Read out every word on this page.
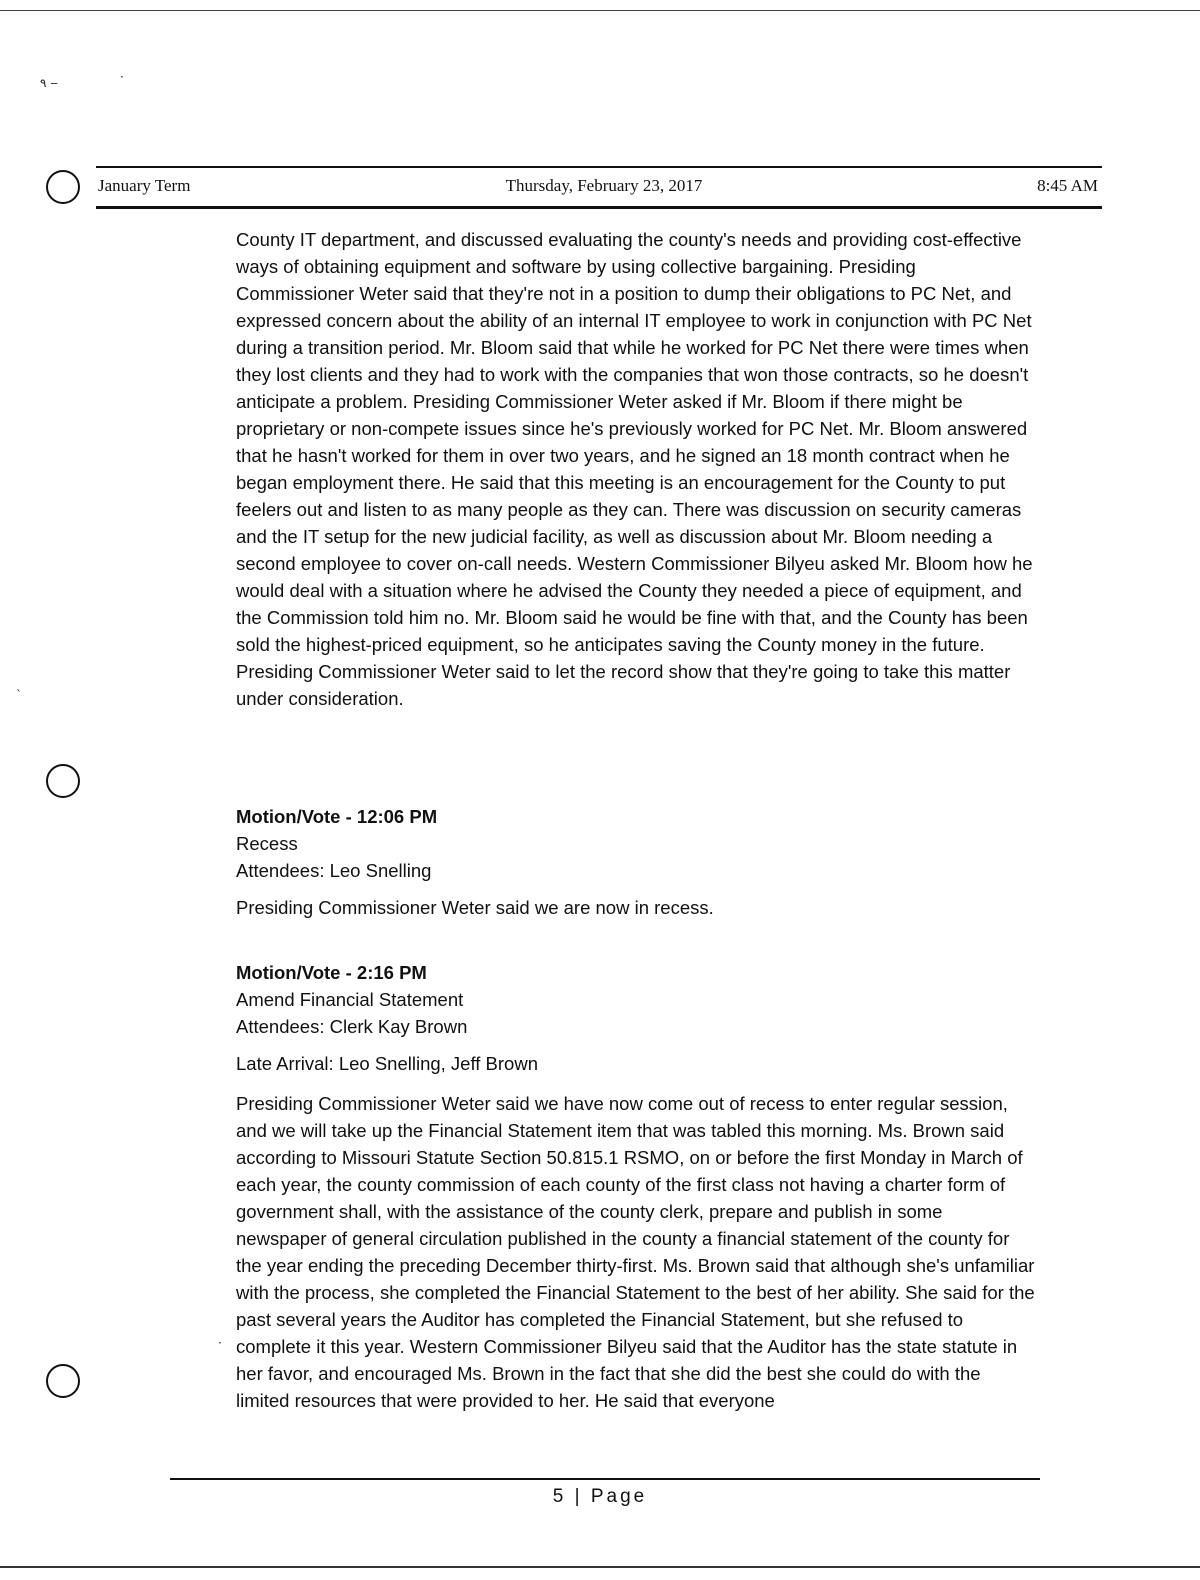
٩ ‒	·
`
·
January Term	Thursday, February 23, 2017	8:45 AM

County IT department, and discussed evaluating the county's needs and providing cost-effective ways of obtaining equipment and software by using collective bargaining. Presiding Commissioner Weter said that they're not in a position to dump their obligations to PC Net, and expressed concern about the ability of an internal IT employee to work in conjunction with PC Net during a transition period. Mr. Bloom said that while he worked for PC Net there were times when they lost clients and they had to work with the companies that won those contracts, so he doesn't anticipate a problem. Presiding Commissioner Weter asked if Mr. Bloom if there might be proprietary or non-compete issues since he's previously worked for PC Net. Mr. Bloom answered that he hasn't worked for them in over two years, and he signed an 18 month contract when he began employment there. He said that this meeting is an encouragement for the County to put feelers out and listen to as many people as they can. There was discussion on security cameras and the IT setup for the new judicial facility, as well as discussion about Mr. Bloom needing a second employee to cover on-call needs. Western Commissioner Bilyeu asked Mr. Bloom how he would deal with a situation where he advised the County they needed a piece of equipment, and the Commission told him no. Mr. Bloom said he would be fine with that, and the County has been sold the highest-priced equipment, so he anticipates saving the County money in the future. Presiding Commissioner Weter said to let the record show that they're going to take this matter under consideration.

Motion/Vote - 12:06 PM
Recess
Attendees: Leo Snelling
Presiding Commissioner Weter said we are now in recess.
Motion/Vote - 2:16 PM
Amend Financial Statement
Attendees: Clerk Kay Brown
Late Arrival: Leo Snelling, Jeff Brown

Presiding Commissioner Weter said we have now come out of recess to enter regular session, and we will take up the Financial Statement item that was tabled this morning. Ms. Brown said according to Missouri Statute Section 50.815.1 RSMO, on or before the first Monday in March of each year, the county commission of each county of the first class not having a charter form of government shall, with the assistance of the county clerk, prepare and publish in some newspaper of general circulation published in the county a financial statement of the county for the year ending the preceding December thirty-first. Ms. Brown said that although she's unfamiliar with the process, she completed the Financial Statement to the best of her ability. She said for the past several years the Auditor has completed the Financial Statement, but she refused to complete it this year. Western Commissioner Bilyeu said that the Auditor has the state statute in her favor, and encouraged Ms. Brown in the fact that she did the best she could do with the limited resources that were provided to her. He said that everyone

5 | Page
